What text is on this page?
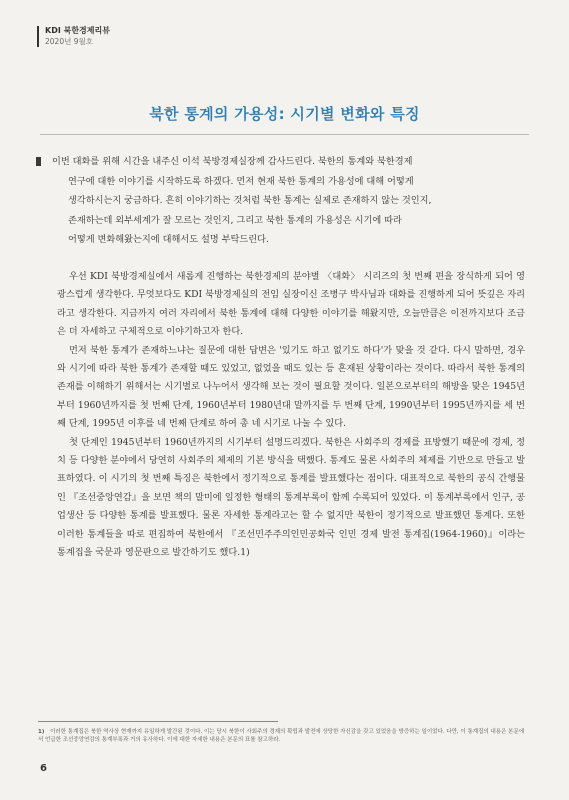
KDI 북한경제리뷰
2020년 9월호
북한 통계의 가용성: 시기별 변화와 특징

이번 대화를 위해 시간을 내주신 이석 북방경제실장께 감사드린다. 북한의 통계와 북한경제

연구에 대한 이야기를 시작하도록 하겠다. 먼저 현재 북한 통계의 가용성에 대해 어떻게

생각하시는지 궁금하다. 흔히 이야기하는 것처럼 북한 통계는 실제로 존재하지 않는 것인지,

존재하는데 외부세계가 잘 모르는 것인지, 그리고 북한 통계의 가용성은 시기에 따라

어떻게 변화해왔는지에 대해서도 설명 부탁드린다.

우선 KDI 북방경제실에서 새롭게 진행하는 북한경제의 분야별 〈대화〉 시리즈의 첫 번째 편을 장식하게 되어 영광스럽게 생각한다. 무엇보다도 KDI 북방경제실의 전임 실장이신 조병구 박사님과 대화를 진행하게 되어 뜻깊은 자리라고 생각한다. 지금까지 여러 자리에서 북한 통계에 대해 다양한 이야기를 해왔지만, 오늘만큼은 이전까지보다 조금은 더 자세하고 구체적으로 이야기하고자 한다.

먼저 북한 통계가 존재하느냐는 질문에 대한 답변은 '있기도 하고 없기도 하다'가 맞을 것 같다. 다시 말하면, 경우와 시기에 따라 북한 통계가 존재할 때도 있었고, 없었을 때도 있는 등 혼재된 상황이라는 것이다. 따라서 북한 통계의 존재를 이해하기 위해서는 시기별로 나누어서 생각해 보는 것이 필요할 것이다. 일본으로부터의 해방을 맞은 1945년부터 1960년까지를 첫 번째 단계, 1960년부터 1980년대 말까지를 두 번째 단계, 1990년부터 1995년까지를 세 번째 단계, 1995년 이후를 네 번째 단계로 하여 총 네 시기로 나눌 수 있다.

첫 단계인 1945년부터 1960년까지의 시기부터 설명드리겠다. 북한은 사회주의 경제를 표방했기 때문에 경제, 정치 등 다양한 분야에서 당연히 사회주의 체제의 기본 방식을 택했다. 통계도 물론 사회주의 체제를 기반으로 만들고 발표하였다. 이 시기의 첫 번째 특징은 북한에서 정기적으로 통계를 발표했다는 점이다. 대표적으로 북한의 공식 간행물인 『조선중앙연감』을 보면 책의 말미에 일정한 형태의 통계부록이 함께 수록되어 있었다. 이 통계부록에서 인구, 공업생산 등 다양한 통계를 발표했다. 물론 자세한 통계라고는 할 수 없지만 북한이 정기적으로 발표했던 통계다. 또한 이러한 통계들을 따로 편집하여 북한에서 『조선민주주의인민공화국 인민 경제 발전 통계집(1964-1960)』이라는 통계집을 국문과 영문판으로 발간하기도 했다.1)

1) 이러한 통계집은 북한 역사상 현재까지 유일하게 발간된 것이다. 이는 당시 북한이 사회주의 경제의 확립과 발전에 상당한 자신감을 갖고 있었음을 방증하는 일이었다. 다만, 이 통계집의 내용은 본문에서 언급한 조선중앙연감의 통계부록과 거의 유사하다. 이에 대한 자세한 내용은 본문의 표를 참고하라.
6
